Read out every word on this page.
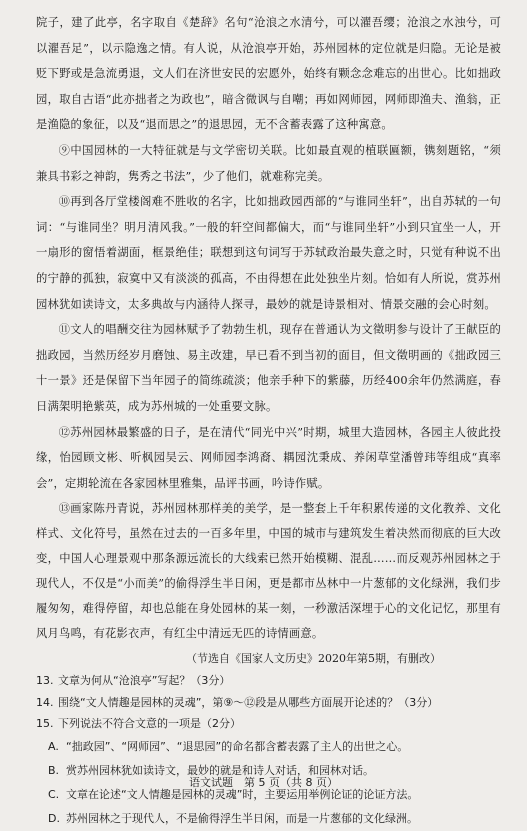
院子，建了此亭，名字取自《楚辞》名句“沧浪之水清兮，可以濯吾缨；沧浪之水浊兮，可以濯吾足”，以示隐逸之情。有人说，从沧浪亭开始，苏州园林的定位就是归隐。无论是被贬下野或是急流勇退，文人们在济世安民的宏愿外，始终有颗念念难忘的出世心。比如拙政园，取自古语“此亦拙者之为政也”，暗含微讽与自嘲；再如网师园，网师即渔夫、渔翁，正是渔隐的象征，以及“退而思之”的退思园，无不含蓄表露了这种寓意。

⑨中国园林的一大特征就是与文学密切关联。比如最直观的植联匾额，镌刻题铭，“须兼具书彩之神韵，隽秀之书法”，少了他们，就难称完美。

⑩再到各厅堂楼阁难不胜收的名字，比如拙政园西部的“与谁同坐轩”，出自苏轼的一句词：“与谁同坐？明月清风我。”一般的轩空间都偏大，而“与谁同坐轩”小到只宜坐一人，开一扇形的窗悟着湖面，框景绝佳；联想到这句词写于苏轼政治最失意之时，只觉有种说不出的宁静的孤独，寂寞中又有淡淡的孤高，不由得想在此处独坐片刻。恰如有人所说，赏苏州园林犹如读诗文，太多典故与内涵待人探寻，最妙的就是诗景相对、情景交融的会心时刻。

⑪文人的唱酬交往为园林赋予了勃勃生机，现存在普通认为文徵明参与设计了王献臣的拙政园，当然历经岁月磨蚀、易主改建，早已看不到当初的面目，但文徵明画的《拙政园三十一景》还是保留下当年园子的简练疏淡；他亲手种下的紫藤，历经400余年仍然满庭，春日满架明艳紫英，成为苏州城的一处重要文脉。

⑫苏州园林最繁盛的日子，是在清代“同光中兴”时期，城里大造园林，各园主人彼此投缘，怡园顾文彬、听枫园吴云、网师园李鸿裔、耦园沈秉成、养闲草堂潘曾玮等组成“真率会”，定期轮流在各家园林里雅集，品评书画，吟诗作赋。

⑬画家陈丹青说，苏州园林那样美的美学，是一整套上千年积累传递的文化教养、文化样式、文化符号，虽然在过去的一百多年里，中国的城市与建筑发生着决然而彻底的巨大改变，中国人心理景观中那条源远流长的大线索已然开始模糊、混乱……而反观苏州园林之于现代人，不仅是“小而美”的偷得浮生半日闲，更是都市丛林中一片葱郁的文化绿洲，我们步履匆匆，难得停留，却也总能在身处园林的某一刻，一秒激活深埋于心的文化记忆，那里有风月鸟鸣，有花影衣声，有红尘中清远无匹的诗情画意。

（节选自《国家人文历史》2020年第5期，有删改）

13. 文章为何从“沧浪亭”写起？（3分）

14. 围绕“文人情趣是园林的灵魂”，第⑨～⑫段是从哪些方面展开论述的？（3分）

15. 下列说法不符合文意的一项是（2分）

A. “拙政园”、“网师园”、“退思园”的命名都含蓄表露了主人的出世之心。

B. 赏苏州园林犹如读诗文，最妙的就是和诗人对话，和园林对话。

C. 文章在论述“文人情趣是园林的灵魂”时，主要运用举例论证的论证方法。

D. 苏州园林之于现代人，不是偷得浮生半日闲，而是一片葱郁的文化绿洲。

语文试题　第 5 页（共 8 页）
